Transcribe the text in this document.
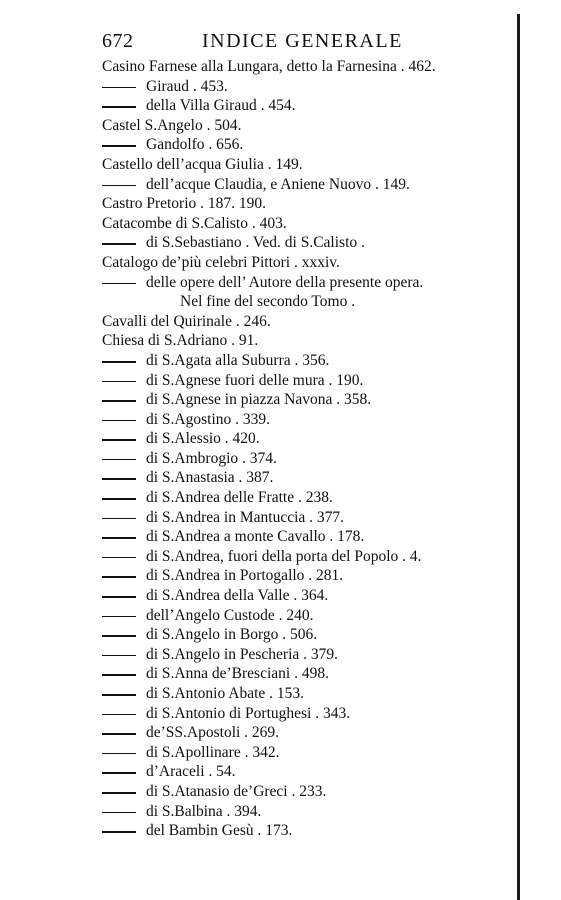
672	INDICE GENERALE
Casino Farnese alla Lungara, detto la Farnesina . 462.
Giraud . 453.
della Villa Giraud . 454.
Castel S.Angelo . 504.
Gandolfo . 656.
Castello dell’acqua Giulia . 149.
dell’acque Claudia, e Aniene Nuovo . 149.
Castro Pretorio . 187. 190.
Catacombe di S.Calisto . 403.
di S.Sebastiano . Ved. di S.Calisto .
Catalogo de’più celebri Pittori . xxxiv.
delle opere dell’ Autore della presente opera.
Nel fine del secondo Tomo .
Cavalli del Quirinale . 246.
Chiesa di S.Adriano . 91.
di S.Agata alla Suburra . 356.
di S.Agnese fuori delle mura . 190.
di S.Agnese in piazza Navona . 358.
di S.Agostino . 339.
di S.Alessio . 420.
di S.Ambrogio . 374.
di S.Anastasia . 387.
di S.Andrea delle Fratte . 238.
di S.Andrea in Mantuccia . 377.
di S.Andrea a monte Cavallo . 178.
di S.Andrea, fuori della porta del Popolo . 4.
di S.Andrea in Portogallo . 281.
di S.Andrea della Valle . 364.
dell’Angelo Custode . 240.
di S.Angelo in Borgo . 506.
di S.Angelo in Pescheria . 379.
di S.Anna de’Bresciani . 498.
di S.Antonio Abate . 153.
di S.Antonio di Portughesi . 343.
de’SS.Apostoli . 269.
di S.Apollinare . 342.
d’Araceli . 54.
di S.Atanasio de’Greci . 233.
di S.Balbina . 394.
del Bambin Gesù . 173.
